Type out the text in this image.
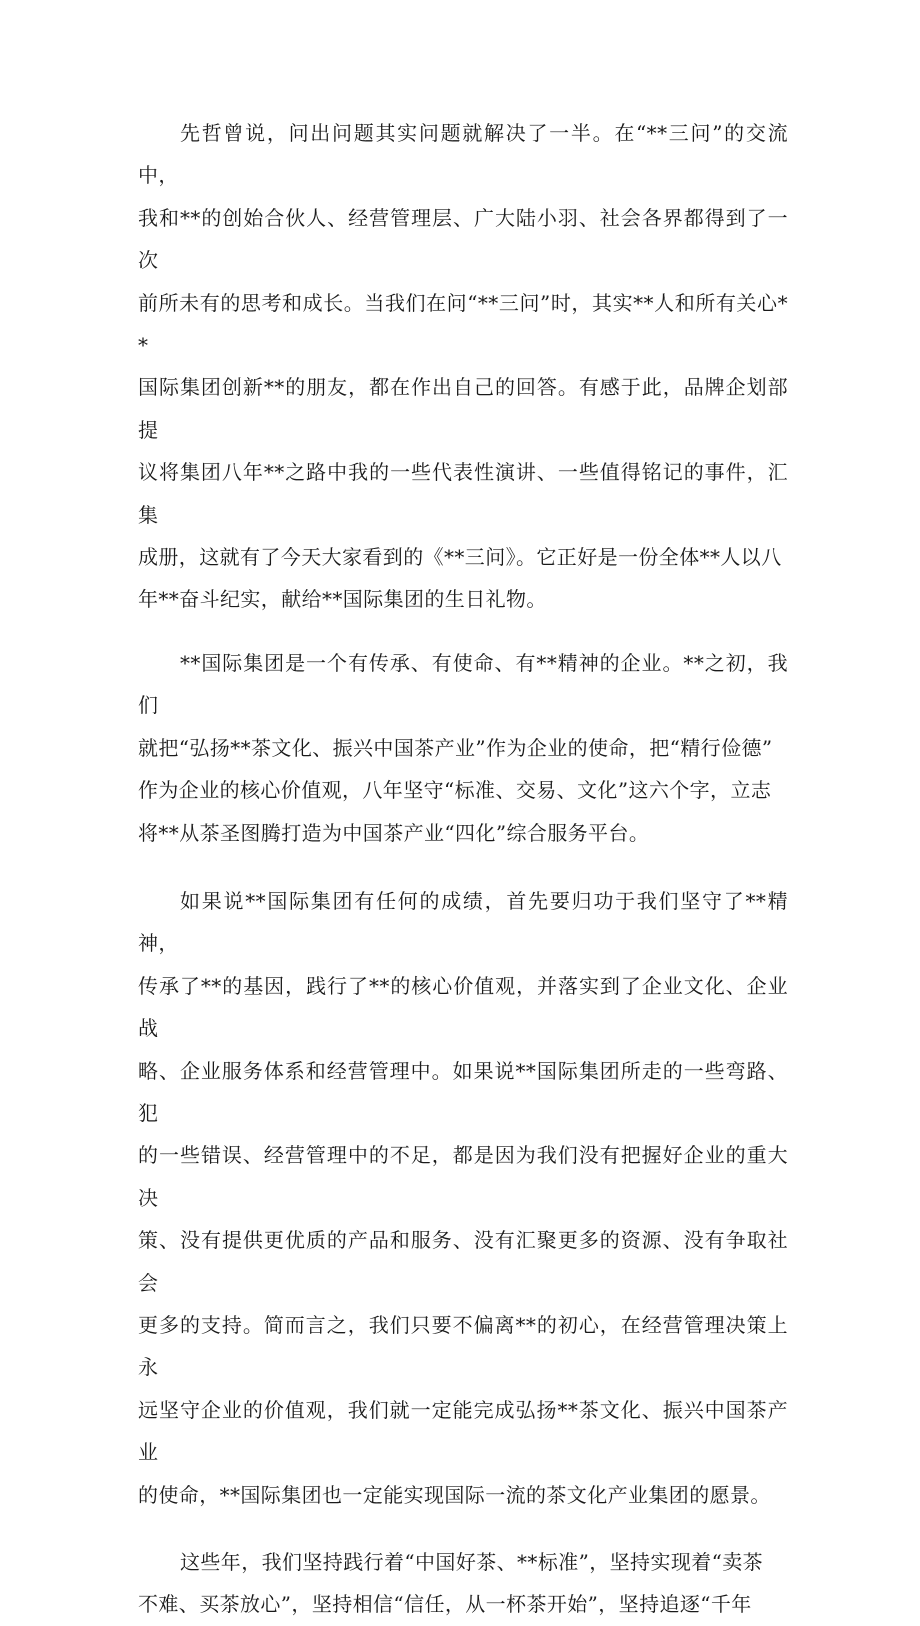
先哲曾说，问出问题其实问题就解决了一半。在“**三问”的交流中，
我和**的创始合伙人、经营管理层、广大陆小羽、社会各界都得到了一次
前所未有的思考和成长。当我们在问“**三问”时，其实**人和所有关心**
国际集团创新**的朋友，都在作出自己的回答。有感于此，品牌企划部提
议将集团八年**之路中我的一些代表性演讲、一些值得铭记的事件，汇集
成册，这就有了今天大家看到的《**三问》。它正好是一份全体**人以八
年**奋斗纪实，献给**国际集团的生日礼物。

**国际集团是一个有传承、有使命、有**精神的企业。**之初，我们
就把“弘扬**茶文化、振兴中国茶产业”作为企业的使命，把“精行俭德”
作为企业的核心价值观，八年坚守“标准、交易、文化”这六个字，立志
将**从茶圣图腾打造为中国茶产业“四化”综合服务平台。

如果说**国际集团有任何的成绩，首先要归功于我们坚守了**精神，
传承了**的基因，践行了**的核心价值观，并落实到了企业文化、企业战
略、企业服务体系和经营管理中。如果说**国际集团所走的一些弯路、犯
的一些错误、经营管理中的不足，都是因为我们没有把握好企业的重大决
策、没有提供更优质的产品和服务、没有汇聚更多的资源、没有争取社会
更多的支持。简而言之，我们只要不偏离**的初心，在经营管理决策上永
远坚守企业的价值观，我们就一定能完成弘扬**茶文化、振兴中国茶产业
的使命，**国际集团也一定能实现国际一流的茶文化产业集团的愿景。

这些年，我们坚持践行着“中国好茶、**标准”，坚持实现着“卖茶
不难、买茶放心”，坚持相信“信任，从一杯茶开始”，坚持追逐“千年
